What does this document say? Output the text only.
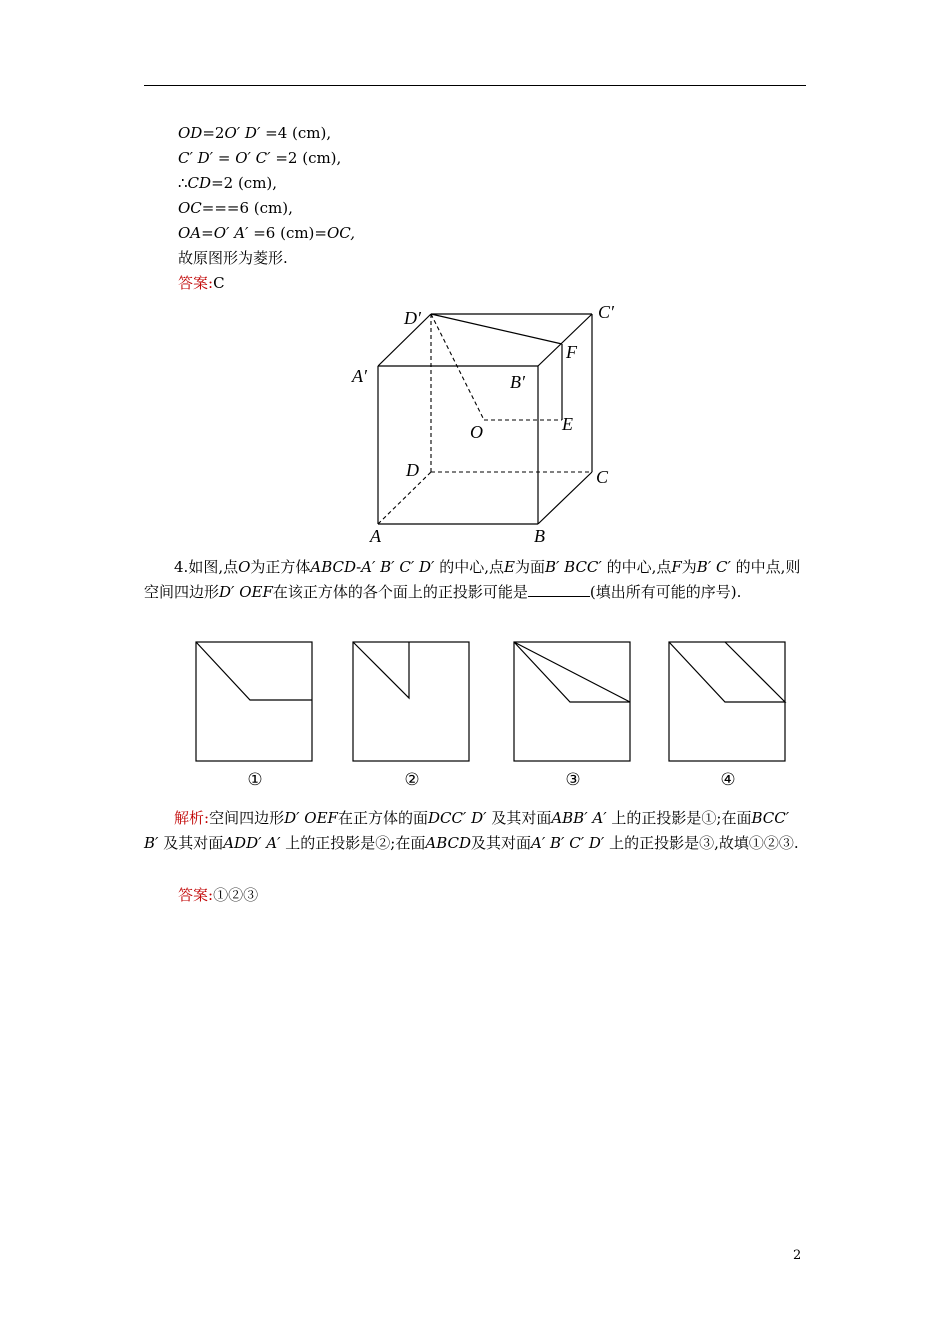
OD=2O′ D′ =4 (cm),
C′ D′ = O′ C′ =2 (cm),
∴CD=2 (cm),
OC===6 (cm),
OA=O′ A′ =6 (cm)=OC,
故原图形为菱形.
答案:C
D′	C′
A′	B′
F
O	E
D	C
A	B
4.如图,点O为正方体ABCD-A′ B′ C′ D′ 的中心,点E为面B′ BCC′ 的中心,点F为B′ C′ 的中点,则空间四边形D′ OEF在该正方体的各个面上的正投影可能是	(填出所有可能的序号).
①	②	③	④
解析:空间四边形D′ OEF在正方体的面DCC′ D′ 及其对面ABB′ A′ 上的正投影是①;在面BCC′ B′ 及其对面ADD′ A′ 上的正投影是②;在面ABCD及其对面A′ B′ C′ D′ 上的正投影是③,故填①②③.
答案:①②③
2
